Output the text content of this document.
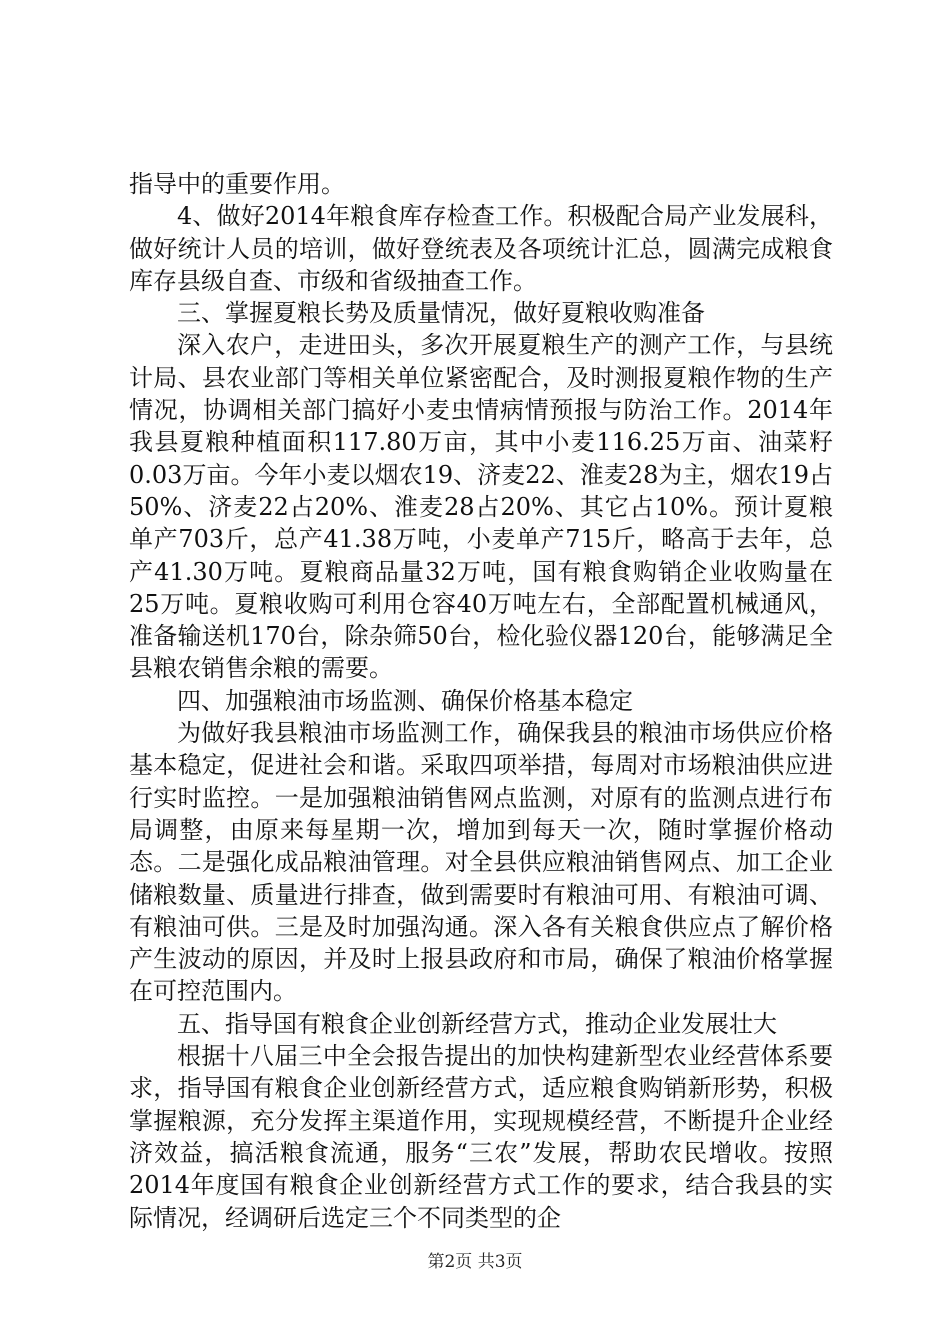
指导中的重要作用。

4、做好2014年粮食库存检查工作。积极配合局产业发展科，做好统计人员的培训，做好登统表及各项统计汇总，圆满完成粮食库存县级自查、市级和省级抽查工作。

三、掌握夏粮长势及质量情况，做好夏粮收购准备

深入农户，走进田头，多次开展夏粮生产的测产工作，与县统计局、县农业部门等相关单位紧密配合，及时测报夏粮作物的生产情况，协调相关部门搞好小麦虫情病情预报与防治工作。2014年我县夏粮种植面积117.80万亩，其中小麦116.25万亩、油菜籽0.03万亩。今年小麦以烟农19、济麦22、淮麦28为主，烟农19占50%、济麦22占20%、淮麦28占20%、其它占10%。预计夏粮单产703斤，总产41.38万吨，小麦单产715斤，略高于去年，总产41.30万吨。夏粮商品量32万吨，国有粮食购销企业收购量在25万吨。夏粮收购可利用仓容40万吨左右，全部配置机械通风，准备输送机170台，除杂筛50台，检化验仪器120台，能够满足全县粮农销售余粮的需要。

四、加强粮油市场监测、确保价格基本稳定

为做好我县粮油市场监测工作，确保我县的粮油市场供应价格基本稳定，促进社会和谐。采取四项举措，每周对市场粮油供应进行实时监控。一是加强粮油销售网点监测，对原有的监测点进行布局调整，由原来每星期一次，增加到每天一次，随时掌握价格动态。二是强化成品粮油管理。对全县供应粮油销售网点、加工企业储粮数量、质量进行排查，做到需要时有粮油可用、有粮油可调、有粮油可供。三是及时加强沟通。深入各有关粮食供应点了解价格产生波动的原因，并及时上报县政府和市局，确保了粮油价格掌握在可控范围内。

五、指导国有粮食企业创新经营方式，推动企业发展壮大

根据十八届三中全会报告提出的加快构建新型农业经营体系要求，指导国有粮食企业创新经营方式，适应粮食购销新形势，积极掌握粮源，充分发挥主渠道作用，实现规模经营，不断提升企业经济效益，搞活粮食流通，服务“三农”发展，帮助农民增收。按照2014年度国有粮食企业创新经营方式工作的要求，结合我县的实际情况，经调研后选定三个不同类型的企

第2页 共3页
